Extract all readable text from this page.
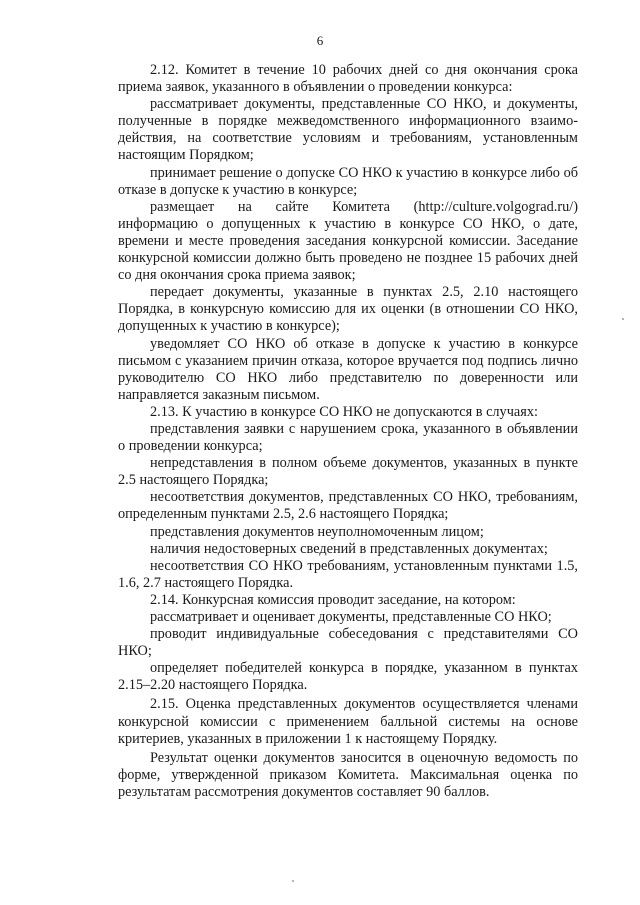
6

2.12. Комитет в течение 10 рабочих дней со дня окончания срока приема заявок, указанного в объявлении о проведении конкурса:

рассматривает документы, представленные СО НКО, и документы, полученные в порядке межведомственного информационного взаимодействия, на соответствие условиям и требованиям, установленным настоящим Порядком;

принимает решение о допуске СО НКО к участию в конкурсе либо об отказе в допуске к участию в конкурсе;

размещает на сайте Комитета (http://culture.volgograd.ru/) информацию о допущенных к участию в конкурсе СО НКО, о дате, времени и месте проведения заседания конкурсной комиссии. Заседание конкурсной комиссии должно быть проведено не позднее 15 рабочих дней со дня окончания срока приема заявок;

передает документы, указанные в пунктах 2.5, 2.10 настоящего Порядка, в конкурсную комиссию для их оценки (в отношении СО НКО, допущенных к участию в конкурсе);

уведомляет СО НКО об отказе в допуске к участию в конкурсе письмом с указанием причин отказа, которое вручается под подпись лично руководителю СО НКО либо представителю по доверенности или направляется заказным письмом.

2.13. К участию в конкурсе СО НКО не допускаются в случаях:

представления заявки с нарушением срока, указанного в объявлении о проведении конкурса;

непредставления в полном объеме документов, указанных в пункте 2.5 настоящего Порядка;

несоответствия документов, представленных СО НКО, требованиям, определенным пунктами 2.5, 2.6 настоящего Порядка;

представления документов неуполномоченным лицом;

наличия недостоверных сведений в представленных документах;

несоответствия СО НКО требованиям, установленным пунктами 1.5, 1.6, 2.7 настоящего Порядка.

2.14. Конкурсная комиссия проводит заседание, на котором:

рассматривает и оценивает документы, представленные СО НКО;

проводит индивидуальные собеседования с представителями СО НКО;

определяет победителей конкурса в порядке, указанном в пунктах 2.15–2.20 настоящего Порядка.

2.15. Оценка представленных документов осуществляется членами конкурсной комиссии с применением балльной системы на основе критериев, указанных в приложении 1 к настоящему Порядку.

Результат оценки документов заносится в оценочную ведомость по форме, утвержденной приказом Комитета. Максимальная оценка по результатам рассмотрения документов составляет 90 баллов.
